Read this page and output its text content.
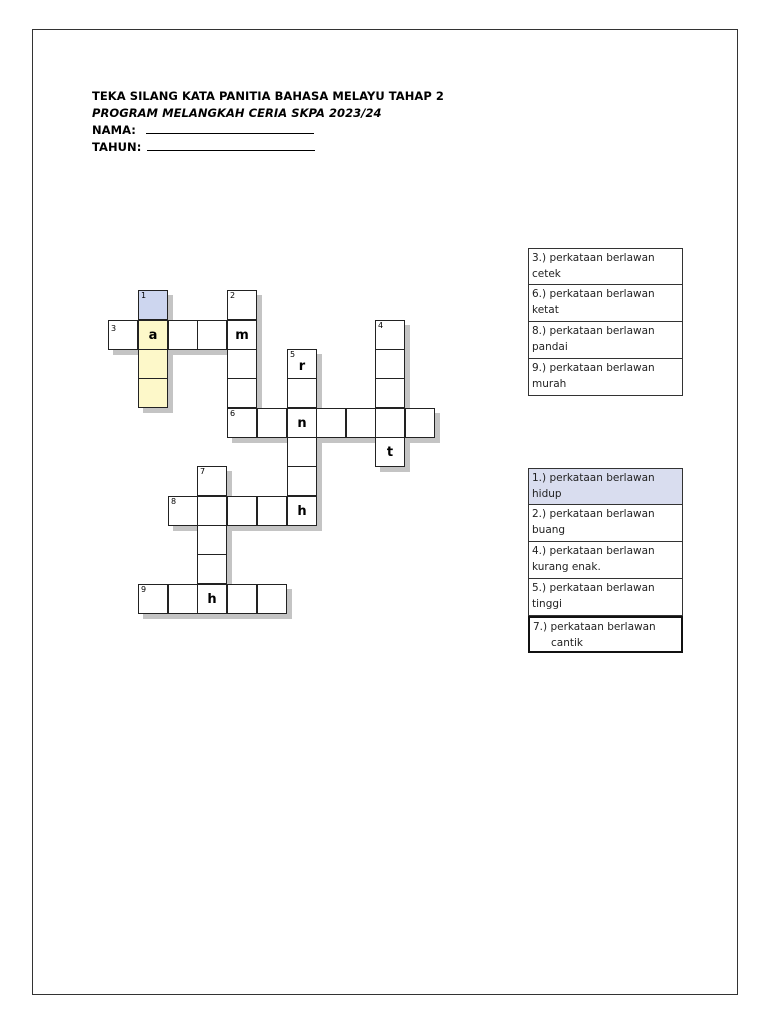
TEKA SILANG KATA PANITIA BAHASA MELAYU TAHAP 2
PROGRAM MELANGKAH CERIA SKPA 2023/24
NAMA:
TAHUN:
1	2
3	a	m
4
5
r
6
n
t
7
8
h
9
h
3.) perkataan berlawan
cetek
6.) perkataan berlawan
ketat
8.) perkataan berlawan
pandai
9.) perkataan berlawan
murah
1.) perkataan berlawan
hidup
2.) perkataan berlawan
buang
4.) perkataan berlawan
kurang enak.
5.) perkataan berlawan
tinggi
7.) perkataan berlawan
cantik
